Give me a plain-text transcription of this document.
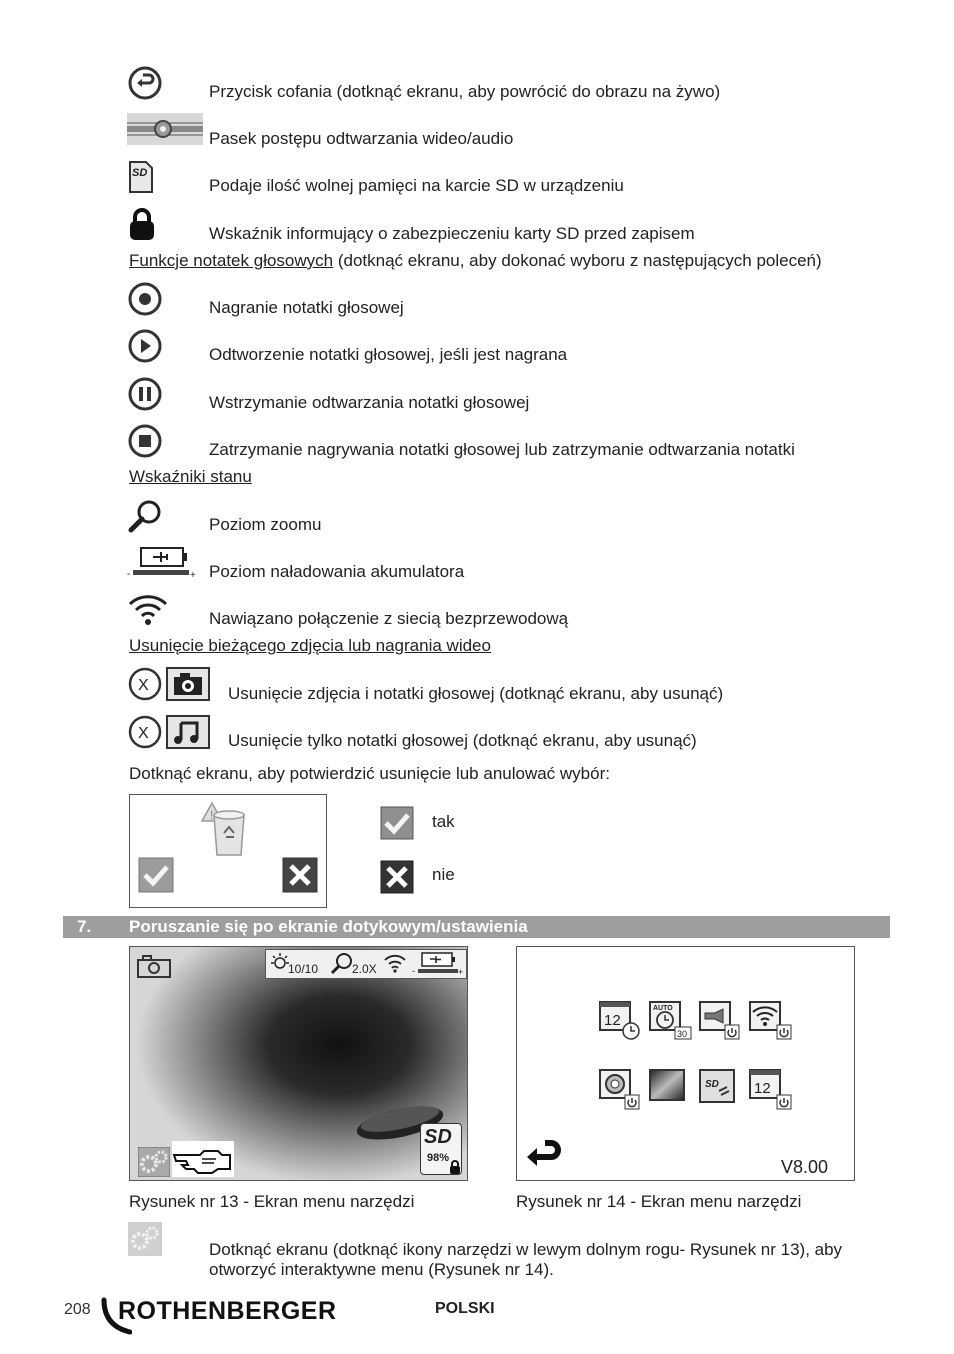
Przycisk cofania (dotknąć ekranu, aby powrócić do obrazu na żywo)
Pasek postępu odtwarzania wideo/audio
SD
Podaje ilość wolnej pamięci na karcie SD w urządzeniu
Wskaźnik informujący o zabezpieczeniu karty SD przed zapisem
Funkcje notatek głosowych (dotknąć ekranu, aby dokonać wyboru z następujących poleceń)
Nagranie notatki głosowej
Odtworzenie notatki głosowej, jeśli jest nagrana
Wstrzymanie odtwarzania notatki głosowej
Zatrzymanie nagrywania notatki głosowej lub zatrzymanie odtwarzania notatki
Wskaźniki stanu
Poziom zoomu
-	+ Poziom naładowania akumulatora
Nawiązano połączenie z siecią bezprzewodową
Usunięcie bieżącego zdjęcia lub nagrania wideo
X	Usunięcie zdjęcia i notatki głosowej (dotknąć ekranu, aby usunąć)
X	Usunięcie tylko notatki głosowej (dotknąć ekranu, aby usunąć)
Dotknąć ekranu, aby potwierdzić usunięcie lub anulować wybór:
!	tak
nie
7. Poruszanie się po ekranie dotykowym/ustawienia
10/10	2.0X	-	+
SD
98%
12
AUTO
30
SD 12
V8.00
Rysunek nr 13 - Ekran menu narzędzi	Rysunek nr 14 - Ekran menu narzędzi
Dotknąć ekranu (dotknąć ikony narzędzi w lewym dolnym rogu- Rysunek nr 13), aby
otworzyć interaktywne menu (Rysunek nr 14).
208 ROTHENBERGER	POLSKI
